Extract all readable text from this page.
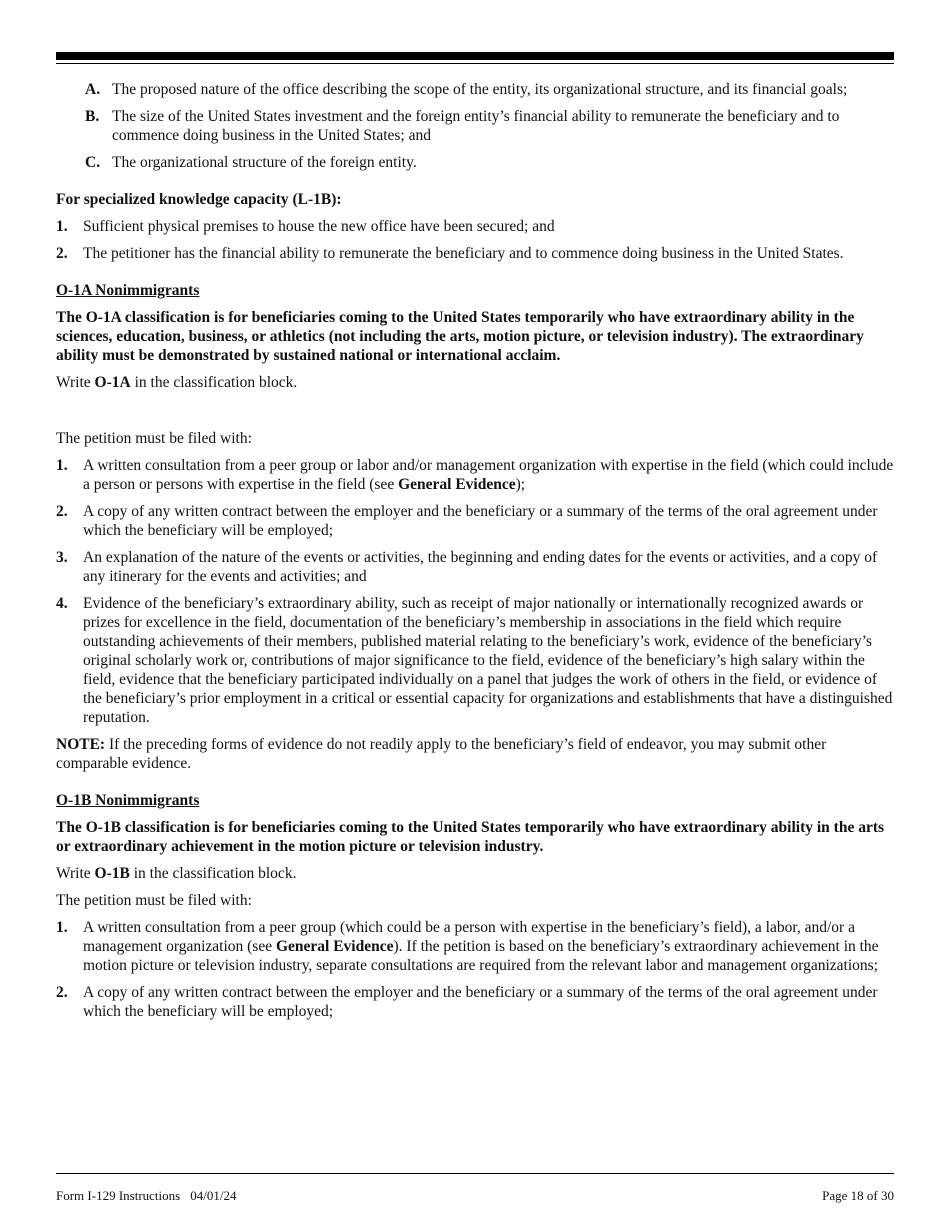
A. The proposed nature of the office describing the scope of the entity, its organizational structure, and its financial goals;
B. The size of the United States investment and the foreign entity’s financial ability to remunerate the beneficiary and to commence doing business in the United States; and
C. The organizational structure of the foreign entity.

For specialized knowledge capacity (L-1B):

1. Sufficient physical premises to house the new office have been secured; and
2. The petitioner has the financial ability to remunerate the beneficiary and to commence doing business in the United States.

O-1A Nonimmigrants

The O-1A classification is for beneficiaries coming to the United States temporarily who have extraordinary ability in the sciences, education, business, or athletics (not including the arts, motion picture, or television industry). The extraordinary ability must be demonstrated by sustained national or international acclaim.

Write O-1A in the classification block.

The petition must be filed with:

1. A written consultation from a peer group or labor and/or management organization with expertise in the field (which could include a person or persons with expertise in the field (see General Evidence);
2. A copy of any written contract between the employer and the beneficiary or a summary of the terms of the oral agreement under which the beneficiary will be employed;
3. An explanation of the nature of the events or activities, the beginning and ending dates for the events or activities, and a copy of any itinerary for the events and activities; and
4. Evidence of the beneficiary’s extraordinary ability, such as receipt of major nationally or internationally recognized awards or prizes for excellence in the field, documentation of the beneficiary’s membership in associations in the field which require outstanding achievements of their members, published material relating to the beneficiary’s work, evidence of the beneficiary’s original scholarly work or, contributions of major significance to the field, evidence of the beneficiary’s high salary within the field, evidence that the beneficiary participated individually on a panel that judges the work of others in the field, or evidence of the beneficiary’s prior employment in a critical or essential capacity for organizations and establishments that have a distinguished reputation.

NOTE: If the preceding forms of evidence do not readily apply to the beneficiary’s field of endeavor, you may submit other comparable evidence.

O-1B Nonimmigrants

The O-1B classification is for beneficiaries coming to the United States temporarily who have extraordinary ability in the arts or extraordinary achievement in the motion picture or television industry.

Write O-1B in the classification block.

The petition must be filed with:

1. A written consultation from a peer group (which could be a person with expertise in the beneficiary’s field), a labor, and/or a management organization (see General Evidence). If the petition is based on the beneficiary’s extraordinary achievement in the motion picture or television industry, separate consultations are required from the relevant labor and management organizations;
2. A copy of any written contract between the employer and the beneficiary or a summary of the terms of the oral agreement under which the beneficiary will be employed;
Form I-129 Instructions 04/01/24	Page 18 of 30
